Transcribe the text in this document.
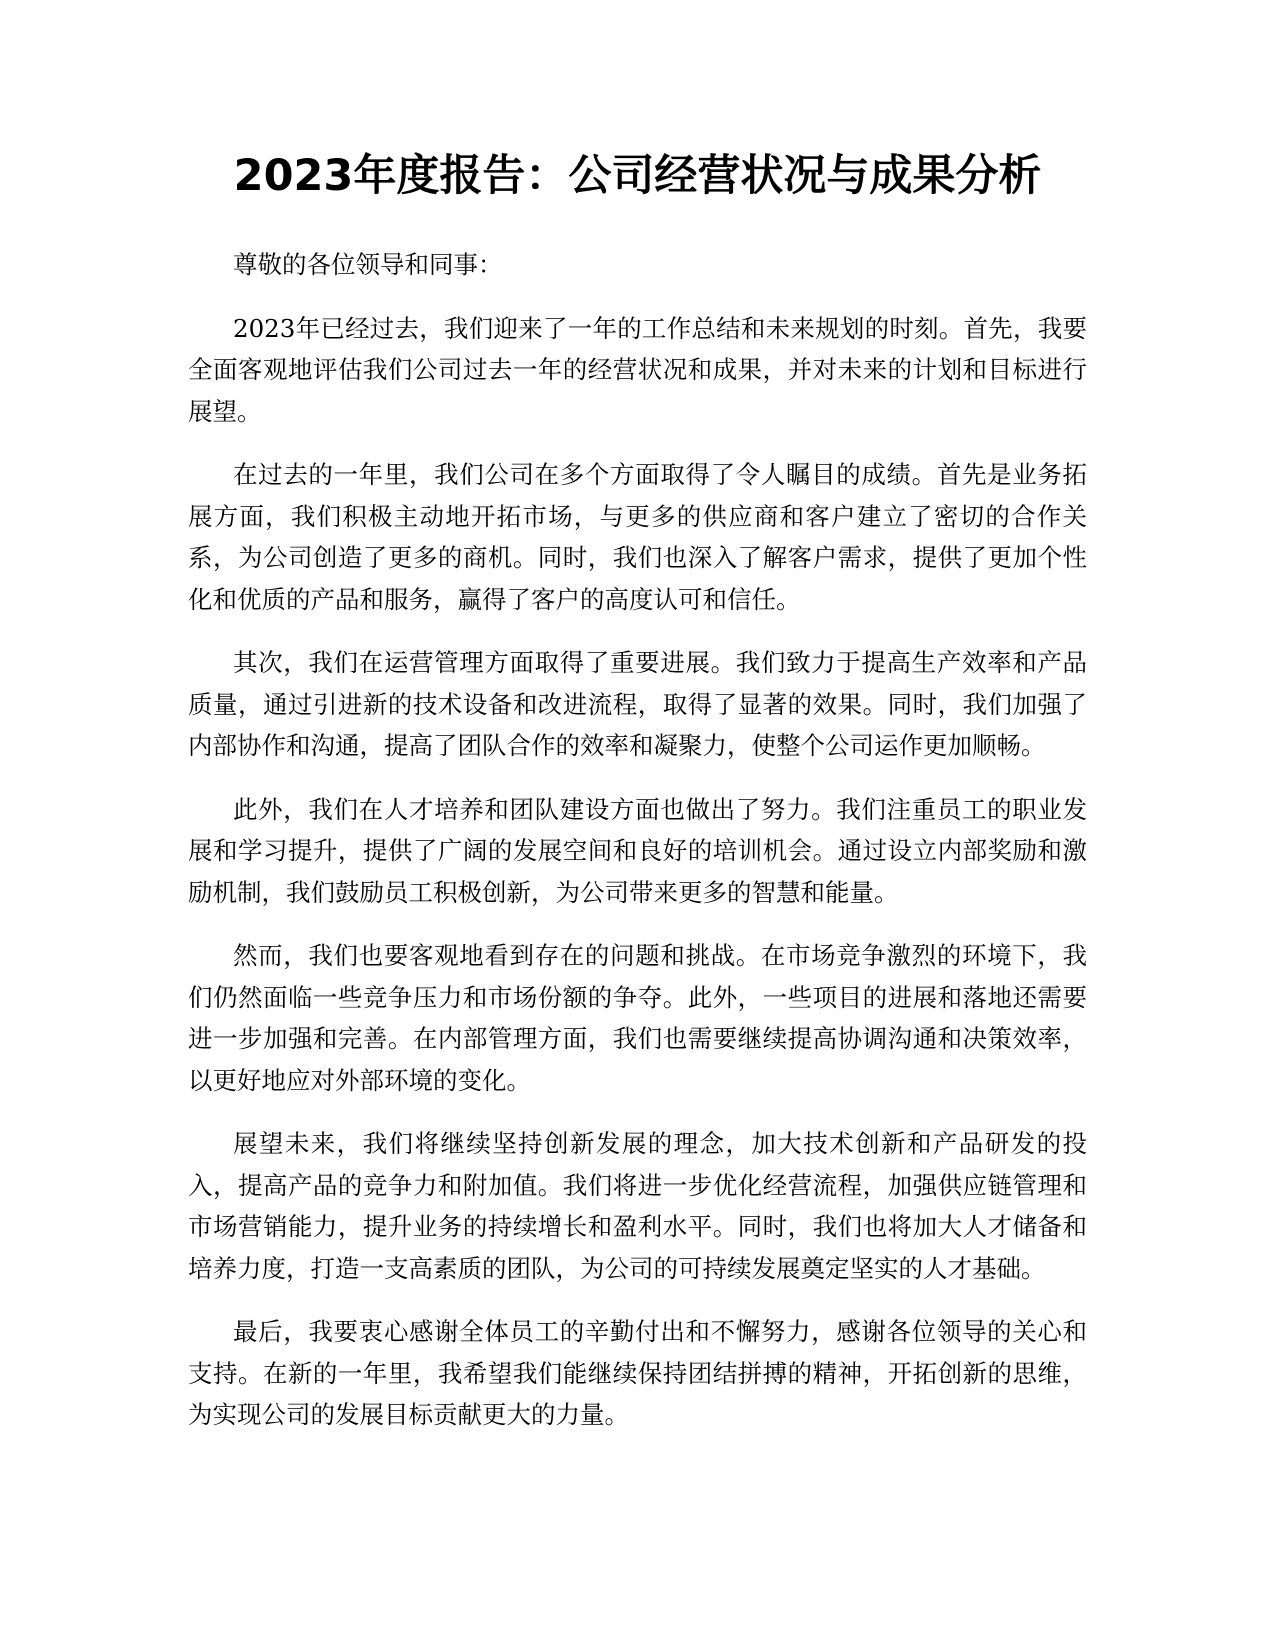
2023年度报告：公司经营状况与成果分析

尊敬的各位领导和同事：

2023年已经过去，我们迎来了一年的工作总结和未来规划的时刻。首先，我要全面客观地评估我们公司过去一年的经营状况和成果，并对未来的计划和目标进行展望。

在过去的一年里，我们公司在多个方面取得了令人瞩目的成绩。首先是业务拓展方面，我们积极主动地开拓市场，与更多的供应商和客户建立了密切的合作关系，为公司创造了更多的商机。同时，我们也深入了解客户需求，提供了更加个性化和优质的产品和服务，赢得了客户的高度认可和信任。

其次，我们在运营管理方面取得了重要进展。我们致力于提高生产效率和产品质量，通过引进新的技术设备和改进流程，取得了显著的效果。同时，我们加强了内部协作和沟通，提高了团队合作的效率和凝聚力，使整个公司运作更加顺畅。

此外，我们在人才培养和团队建设方面也做出了努力。我们注重员工的职业发展和学习提升，提供了广阔的发展空间和良好的培训机会。通过设立内部奖励和激励机制，我们鼓励员工积极创新，为公司带来更多的智慧和能量。

然而，我们也要客观地看到存在的问题和挑战。在市场竞争激烈的环境下，我们仍然面临一些竞争压力和市场份额的争夺。此外，一些项目的进展和落地还需要进一步加强和完善。在内部管理方面，我们也需要继续提高协调沟通和决策效率，以更好地应对外部环境的变化。

展望未来，我们将继续坚持创新发展的理念，加大技术创新和产品研发的投入，提高产品的竞争力和附加值。我们将进一步优化经营流程，加强供应链管理和市场营销能力，提升业务的持续增长和盈利水平。同时，我们也将加大人才储备和培养力度，打造一支高素质的团队，为公司的可持续发展奠定坚实的人才基础。

最后，我要衷心感谢全体员工的辛勤付出和不懈努力，感谢各位领导的关心和支持。在新的一年里，我希望我们能继续保持团结拼搏的精神，开拓创新的思维，为实现公司的发展目标贡献更大的力量。
